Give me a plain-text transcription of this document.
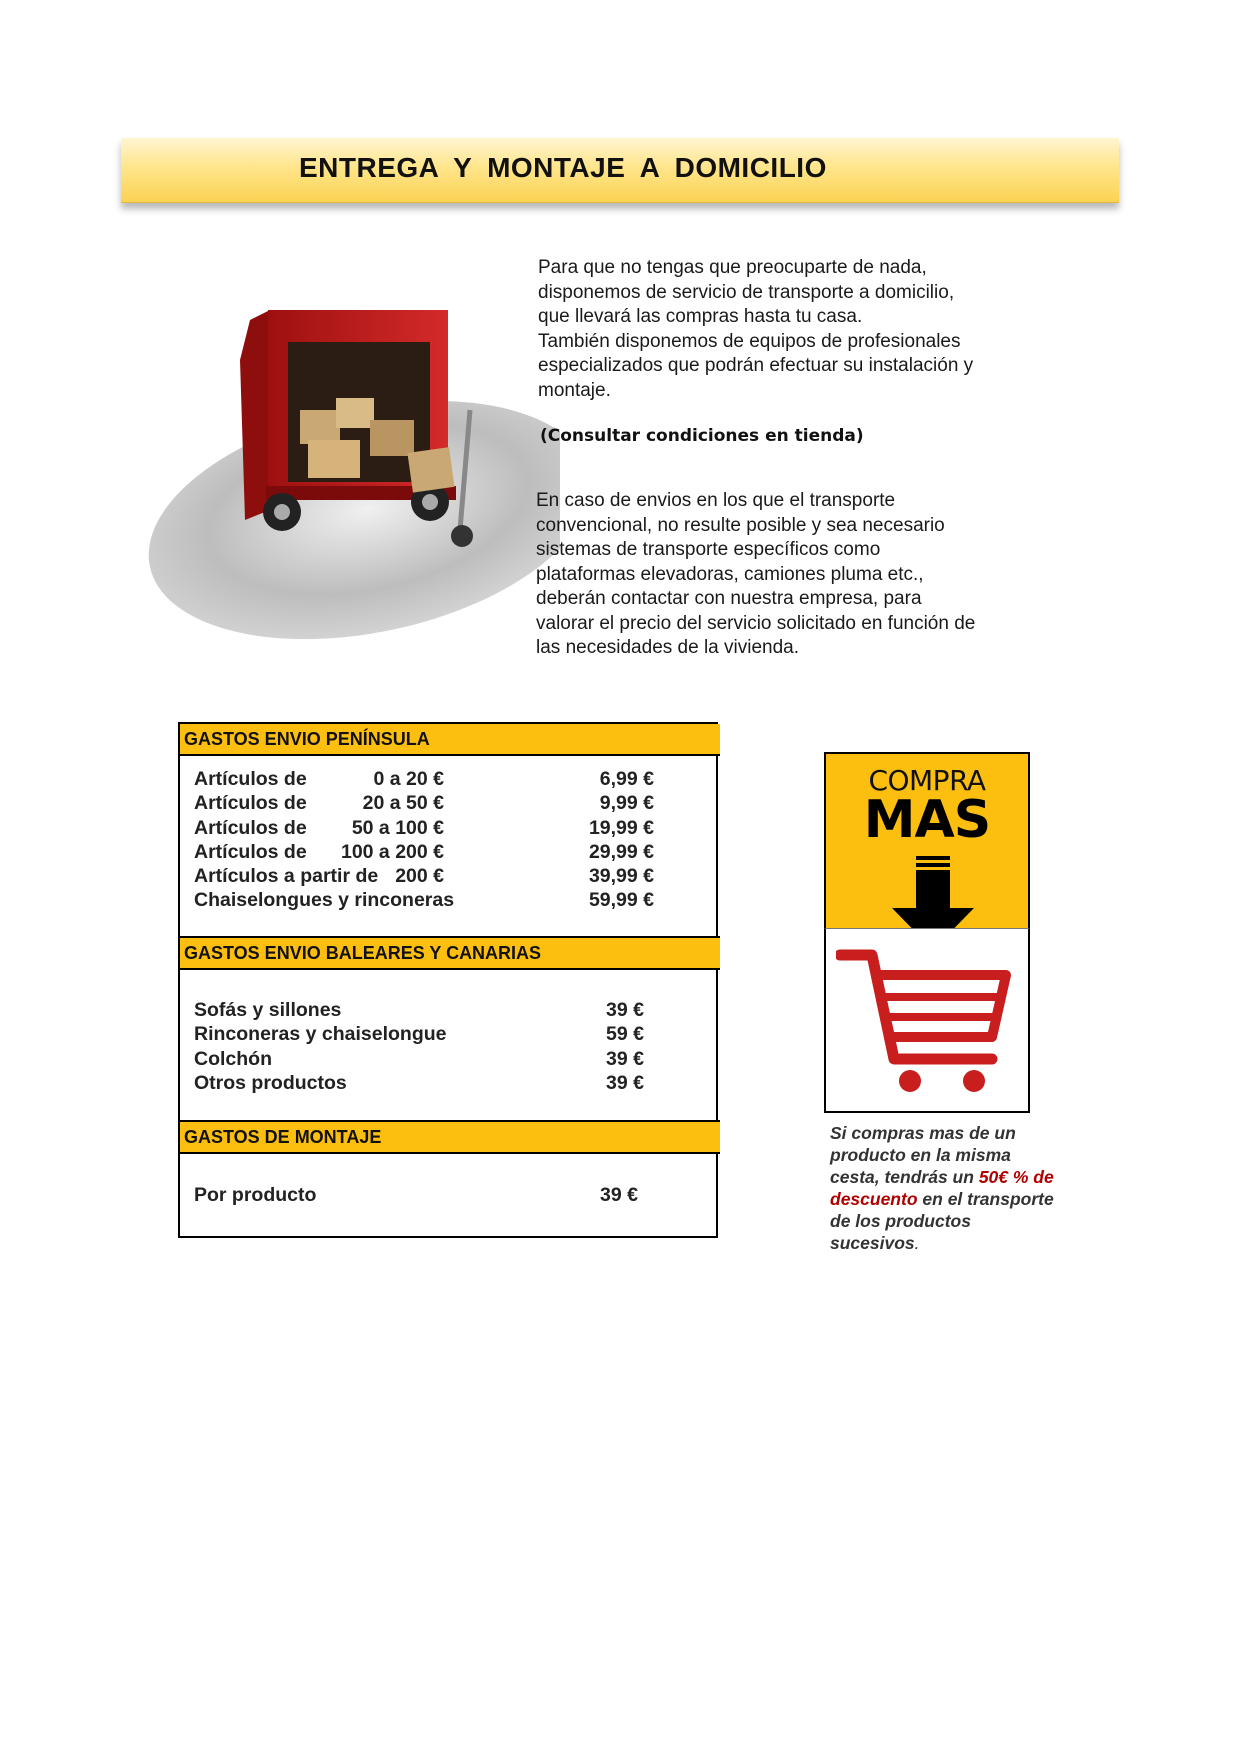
ENTREGA Y MONTAJE A DOMICILIO
Para que no tengas que preocuparte de nada,
disponemos de servicio de transporte a domicilio,
que llevará las compras hasta tu casa.
También disponemos de equipos de profesionales
especializados que podrán efectuar su instalación y
montaje.
(Consultar condiciones en tienda)
En caso de envios en los que el transporte
convencional, no resulte posible y sea necesario
sistemas de transporte específicos como
plataformas elevadoras, camiones pluma etc.,
deberán contactar con nuestra empresa, para
valorar el precio del servicio solicitado en función de
las necesidades de la vivienda.
GASTOS ENVIO PENÍNSULA
Artículos de	0 a 20 €	6,99 €
Artículos de	20 a 50 €	9,99 €
Artículos de	50 a 100 €	19,99 €
Artículos de	100 a 200 €	29,99 €
Artículos a partir de 200 €	39,99 €
Chaiselongues y rinconeras	59,99 €
GASTOS ENVIO BALEARES Y CANARIAS
Sofás y sillones	39 €
Rinconeras y chaiselongue	59 €
Colchón	39 €
Otros productos	39 €
GASTOS DE MONTAJE
Por producto	39 €
COMPRA
MAS
Si compras mas de un producto en la misma cesta, tendrás un 50€ % de descuento en el transporte de los productos sucesivos.
